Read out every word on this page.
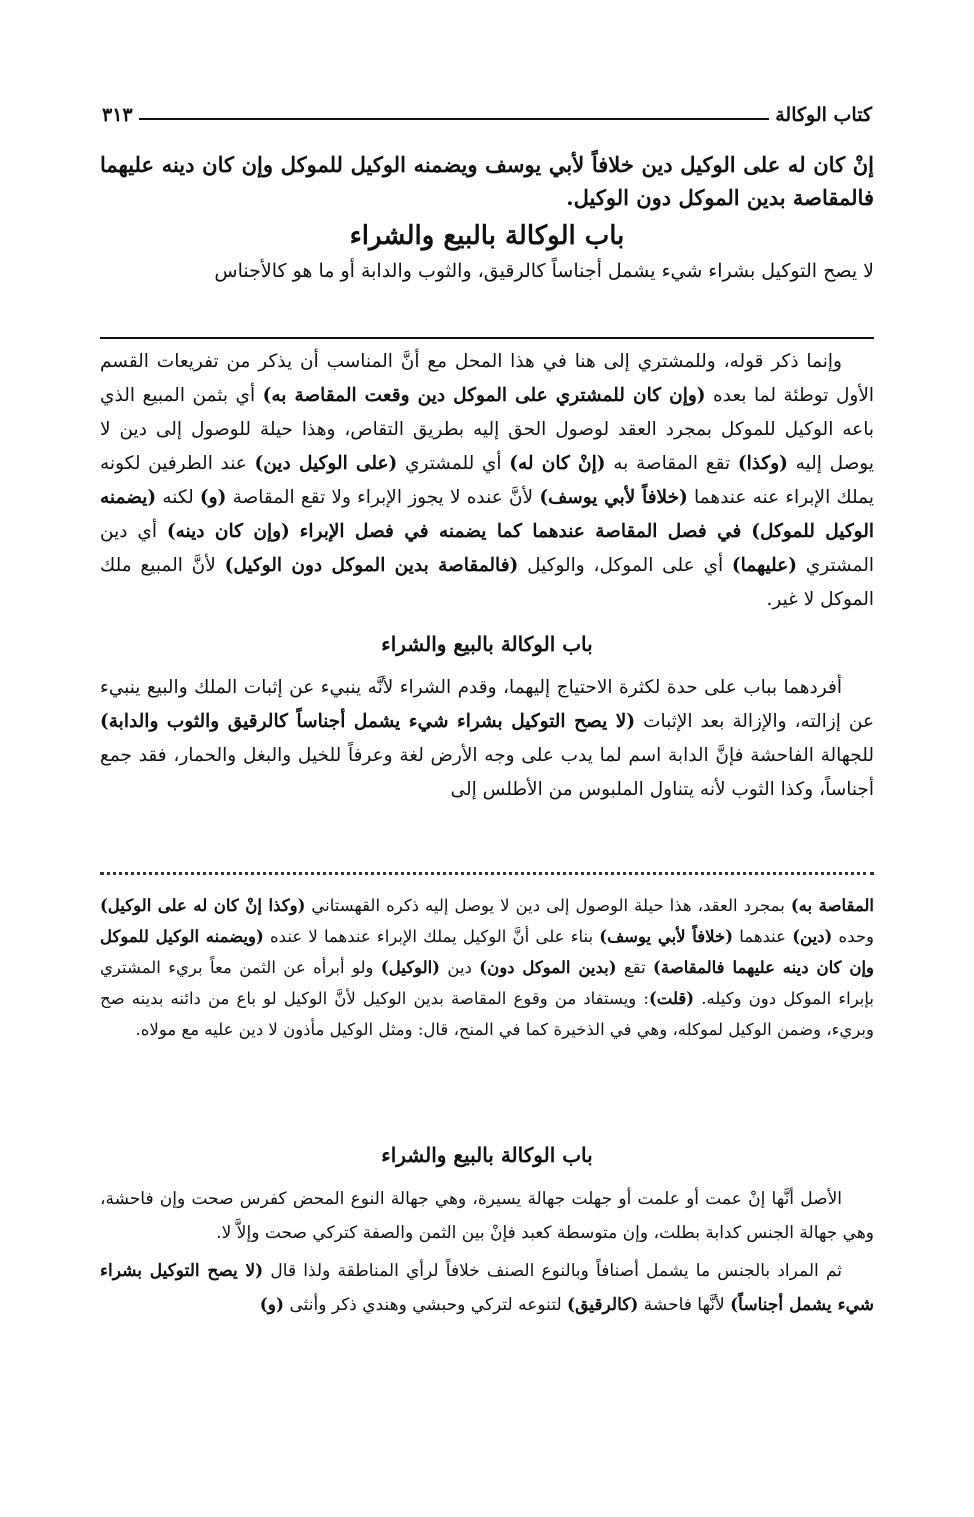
كتاب الوكالة
٣١٣
إنْ كان له على الوكيل دين خلافاً لأبي يوسف ويضمنه الوكيل للموكل وإن كان دينه عليهما فالمقاصة بدين الموكل دون الوكيل.
باب الوكالة بالبيع والشراء
لا يصح التوكيل بشراء شيء يشمل أجناساً كالرقيق، والثوب والدابة أو ما هو كالأجناس

وإنما ذكر قوله، وللمشتري إلى هنا في هذا المحل مع أنَّ المناسب أن يذكر من تفريعات القسم الأول توطئة لما بعده (وإن كان للمشتري على الموكل دين وقعت المقاصة به) أي بثمن المبيع الذي باعه الوكيل للموكل بمجرد العقد لوصول الحق إليه بطريق التقاص، وهذا حيلة للوصول إلى دين لا يوصل إليه (وكذا) تقع المقاصة به (إنْ كان له) أي للمشتري (على الوكيل دين) عند الطرفين لكونه يملك الإبراء عنه عندهما (خلافاً لأبي يوسف) لأنَّ عنده لا يجوز الإبراء ولا تقع المقاصة (و) لكنه (يضمنه الوكيل للموكل) في فصل المقاصة عندهما كما يضمنه في فصل الإبراء (وإن كان دينه) أي دين المشتري (عليهما) أي على الموكل، والوكيل (فالمقاصة بدين الموكل دون الوكيل) لأنَّ المبيع ملك الموكل لا غير.

باب الوكالة بالبيع والشراء

أفردهما بباب على حدة لكثرة الاحتياج إليهما، وقدم الشراء لأنَّه ينبيء عن إثبات الملك والبيع ينبيء عن إزالته، والإزالة بعد الإثبات (لا يصح التوكيل بشراء شيء يشمل أجناساً كالرقيق والثوب والدابة) للجهالة الفاحشة فإنَّ الدابة اسم لما يدب على وجه الأرض لغة وعرفاً للخيل والبغل والحمار، فقد جمع أجناساً، وكذا الثوب لأنه يتناول الملبوس من الأطلس إلى

المقاصة به) بمجرد العقد، هذا حيلة الوصول إلى دين لا يوصل إليه ذكره القهستاني (وكذا إنْ كان له على الوكيل) وحده (دين) عندهما (خلافاً لأبي يوسف) بناء على أنَّ الوكيل يملك الإبراء عندهما لا عنده (ويضمنه الوكيل للموكل وإن كان دينه عليهما فالمقاصة) تقع (بدين الموكل دون) دين (الوكيل) ولو أبرأه عن الثمن معاً بريء المشتري بإبراء الموكل دون وكيله. (قلت): ويستفاد من وقوع المقاصة بدين الوكيل لأنَّ الوكيل لو باع من دائنه بدينه صح وبريء، وضمن الوكيل لموكله، وهي في الذخيرة كما في المنح، قال: ومثل الوكيل مأذون لا دين عليه مع مولاه.

باب الوكالة بالبيع والشراء

الأصل أنَّها إنْ عمت أو علمت أو جهلت جهالة يسيرة، وهي جهالة النوع المحض كفرس صحت وإن فاحشة، وهي جهالة الجنس كدابة بطلت، وإن متوسطة كعبد فإنْ بين الثمن والصفة كتركي صحت وإلاَّ لا.

ثم المراد بالجنس ما يشمل أصنافاً وبالنوع الصنف خلافاً لرأي المناطقة ولذا قال (لا يصح التوكيل بشراء شيء يشمل أجناساً) لأنَّها فاحشة (كالرقيق) لتنوعه لتركي وحبشي وهندي ذكر وأنثى (و)
